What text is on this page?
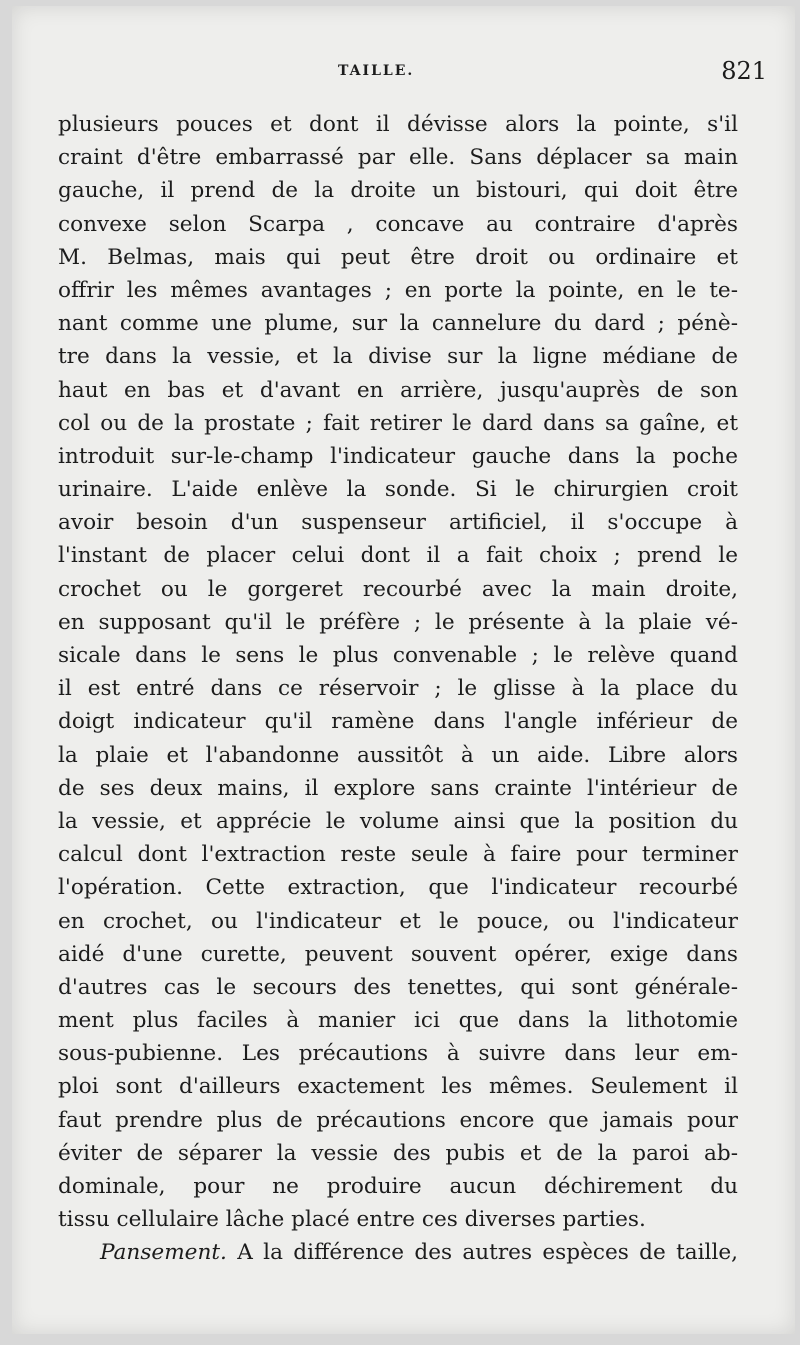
TAILLE.	821
plusieurs pouces et dont il dévisse alors la pointe, s'il
craint d'être embarrassé par elle. Sans déplacer sa main
gauche, il prend de la droite un bistouri, qui doit être
convexe selon Scarpa , concave au contraire d'après
M. Belmas, mais qui peut être droit ou ordinaire et
offrir les mêmes avantages ; en porte la pointe, en le te-
nant comme une plume, sur la cannelure du dard ; pénè-
tre dans la vessie, et la divise sur la ligne médiane de
haut en bas et d'avant en arrière, jusqu'auprès de son
col ou de la prostate ; fait retirer le dard dans sa gaîne, et
introduit sur-le-champ l'indicateur gauche dans la poche
urinaire. L'aide enlève la sonde. Si le chirurgien croit
avoir besoin d'un suspenseur artificiel, il s'occupe à
l'instant de placer celui dont il a fait choix ; prend le
crochet ou le gorgeret recourbé avec la main droite,
en supposant qu'il le préfère ; le présente à la plaie vé-
sicale dans le sens le plus convenable ; le relève quand
il est entré dans ce réservoir ; le glisse à la place du
doigt indicateur qu'il ramène dans l'angle inférieur de
la plaie et l'abandonne aussitôt à un aide. Libre alors
de ses deux mains, il explore sans crainte l'intérieur de
la vessie, et apprécie le volume ainsi que la position du
calcul dont l'extraction reste seule à faire pour terminer
l'opération. Cette extraction, que l'indicateur recourbé
en crochet, ou l'indicateur et le pouce, ou l'indicateur
aidé d'une curette, peuvent souvent opérer, exige dans
d'autres cas le secours des tenettes, qui sont générale-
ment plus faciles à manier ici que dans la lithotomie
sous-pubienne. Les précautions à suivre dans leur em-
ploi sont d'ailleurs exactement les mêmes. Seulement il
faut prendre plus de précautions encore que jamais pour
éviter de séparer la vessie des pubis et de la paroi ab-
dominale, pour ne produire aucun déchirement du
tissu cellulaire lâche placé entre ces diverses parties.
Pansement. A la différence des autres espèces de taille,
